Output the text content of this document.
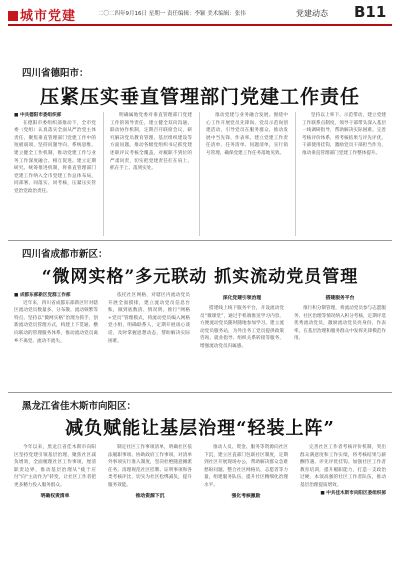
城市党建	二〇二四年9月16日 星期一 责任编辑：李颖 美术编辑：张伟	党建动态 B11
四川省德阳市：
压紧压实垂直管理部门党建工作责任

■ 中共德阳市委组织部

在德阳市委组织部推动下，全市党委（党组）认真落实全面从严治党主体责任，聚焦垂直管理部门党建工作中的短板弱项，坚持问题导向、系统思维，建立健全工作机制，推动党建工作与业务工作深度融合、相互促进。建立定期研究、统筹推进机制，将垂直管理部门党建工作纳入全市党建工作总体布局，同部署、同落实、同考核，压紧压实管党治党政治责任。

明确属地党委对垂直管理部门党建工作的领导责任，建立健全双向沟通、联动协作机制，定期召开联席会议，研究解决党员教育管理、基层组织建设等方面问题。推动各级党组织书记抓党建述职评议考核全覆盖，对履职不到位的严肃问责，切实把党建责任扛在肩上、抓在手上、落到实处。

推动党建与业务融合发展。围绕中心工作开展党员先锋岗、党员示范岗创建活动，引导党员在服务群众、推动发展中当先锋、作表率。建立党建工作责任清单、任务清单、问题清单，实行销号管理，确保党建工作任务落地见效。

坚持以上率下、示范带动，建立党建工作联系点制度，领导干部带头深入基层一线调研指导，帮助解决实际困难。完善考核评价体系，将考核结果与评先评优、干部使用挂钩，激励党员干部担当作为，推动垂直管理部门党建工作整体提升。

四川省成都市新区：
“微网实格”多元联动 抓实流动党员管理

■ 成都东部新区党群工作部

近年来，四川省成都东部新区针对辖区流动党员数量多、分布散、流动频繁等特点，坚持以“微网实格”治理为抓手，创新流动党员管理方式，构建上下贯通、横向联动的管理服务体系，推动流动党员离乡不离党、流动不流失。

依托社区网格，对辖区内流动党员开展全面摸排，建立流动党员信息台账，做到底数清、情况明。推行“网格+党员”管理模式，将流动党员编入网格党小组，明确联系人，定期开展谈心谈话，及时掌握思想动态，帮助解决实际困难。

深化党建引领治理

搭建线上线下服务平台，开设流动党员“微课堂”，通过手机端推送学习内容，方便流动党员随时随地参加学习。建立流动党员服务站，为外出务工党员提供政策咨询、就业指导、组织关系转接等服务，增强流动党员归属感。

搭建服务平台

推行积分制管理，将流动党员参与志愿服务、社区治理等情况纳入积分考核，定期评选优秀流动党员，激励流动党员亮身份、作表率，在基层治理和服务群众中发挥先锋模范作用。

黑龙江省佳木斯市向阳区：
减负赋能让基层治理“轻装上阵”

今年以来，黑龙江省佳木斯市向阳区坚持党建引领基层治理，聚焦社区减负增效，全面梳理社区工作事项，厘清职责边界，推动基层治理从“疲于应付”向“主动作为”转变，让社区工作者把更多精力投入服务群众。

明确权责清单

制定社区工作事项清单，明确社区依法履职事项、协助政府工作事项，对清单外事项实行准入制度，坚决杜绝随意摊派任务。清理规范社区挂牌、证明事项和各类考核评比，切实为社区松绑减负，提升服务效能。

推动资源下沉

推动人员、资金、服务等资源向社区下沉，建立区直部门包联社区制度，定期到社区开展现场办公，帮助解决群众急难愁盼问题。整合社区网格员、志愿者等力量，组建服务队伍，提升社区精细化治理水平。

强化考核激励

完善社区工作者考核评价机制，突出群众满意度和工作实绩，将考核结果与薪酬待遇、评先评优挂钩。加强社区工作者教育培训，提升履职能力，打造一支政治过硬、本领高强的社区工作者队伍，推动基层治理提质增效。

■ 中共佳木斯市向阳区委组织部
